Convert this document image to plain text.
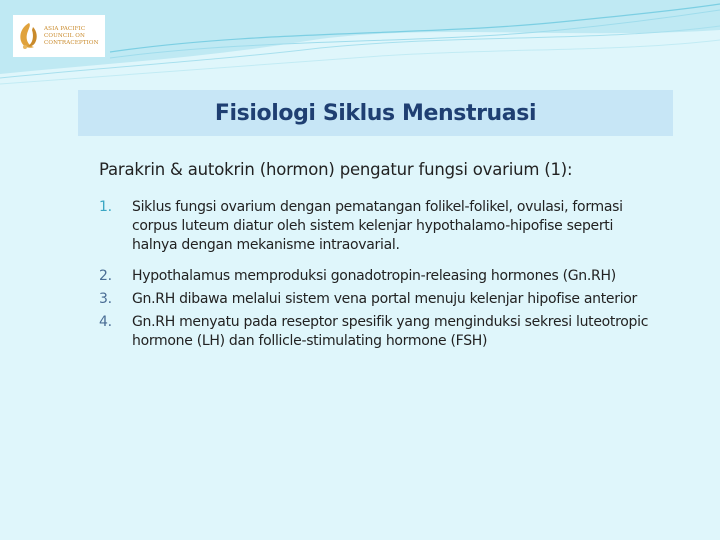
ASIA PACIFIC
COUNCIL ON
CONTRACEPTION
Fisiologi Siklus Menstruasi
Parakrin & autokrin (hormon) pengatur fungsi ovarium (1):
1.	Siklus fungsi ovarium dengan pematangan folikel-folikel, ovulasi, formasi corpus luteum diatur oleh sistem kelenjar hypothalamo-hipofise seperti halnya dengan mekanisme intraovarial.
2.	Hypothalamus memproduksi gonadotropin-releasing hormones (Gn.RH)
3.	Gn.RH dibawa melalui sistem vena portal menuju kelenjar hipofise anterior
4.	Gn.RH menyatu pada reseptor spesifik yang menginduksi sekresi luteotropic hormone (LH) dan follicle-stimulating hormone (FSH)
